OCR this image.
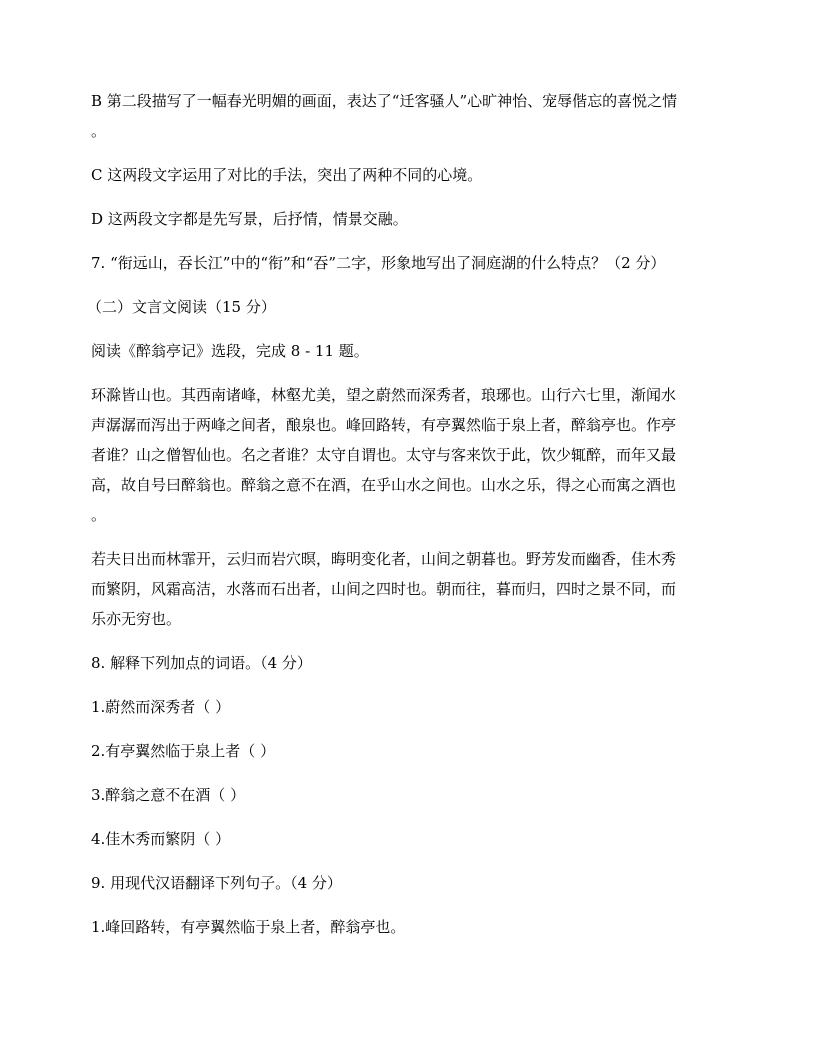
B 第二段描写了一幅春光明媚的画面，表达了“迁客骚人”心旷神怡、宠辱偕忘的喜悦之情
。
C 这两段文字运用了对比的手法，突出了两种不同的心境。
D 这两段文字都是先写景，后抒情，情景交融。
7. “衔远山，吞长江”中的“衔”和“吞”二字，形象地写出了洞庭湖的什么特点？（2 分）
（二）文言文阅读（15 分）
阅读《醉翁亭记》选段，完成 8 - 11 题。
环滁皆山也。其西南诸峰，林壑尤美，望之蔚然而深秀者，琅琊也。山行六七里，渐闻水
声潺潺而泻出于两峰之间者，酿泉也。峰回路转，有亭翼然临于泉上者，醉翁亭也。作亭
者谁？山之僧智仙也。名之者谁？太守自谓也。太守与客来饮于此，饮少辄醉，而年又最
高，故自号曰醉翁也。醉翁之意不在酒，在乎山水之间也。山水之乐，得之心而寓之酒也
。
若夫日出而林霏开，云归而岩穴暝，晦明变化者，山间之朝暮也。野芳发而幽香，佳木秀
而繁阴，风霜高洁，水落而石出者，山间之四时也。朝而往，暮而归，四时之景不同，而
乐亦无穷也。
8. 解释下列加点的词语。（4 分）
1.蔚然而深秀者（ ）
2.有亭翼然临于泉上者（ ）
3.醉翁之意不在酒（ ）
4.佳木秀而繁阴（ ）
9. 用现代汉语翻译下列句子。（4 分）
1.峰回路转，有亭翼然临于泉上者，醉翁亭也。
